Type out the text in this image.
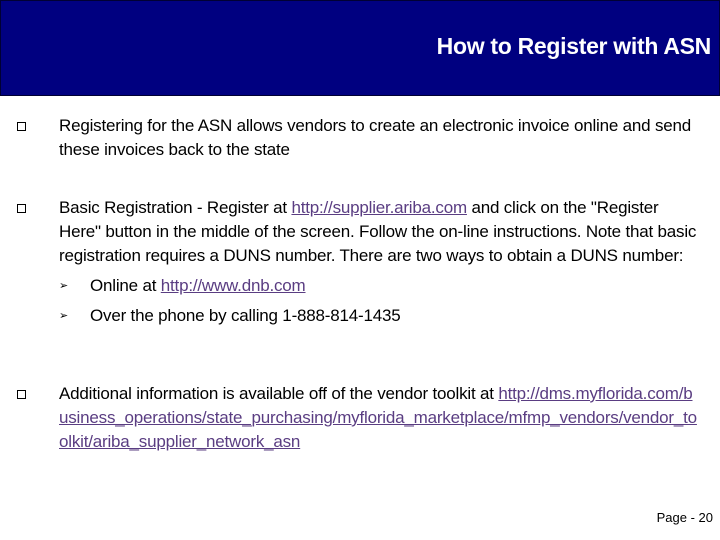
How to Register with ASN
Registering for the ASN allows vendors to create an electronic invoice online and send these invoices back to the state
Basic Registration - Register at http://supplier.ariba.com and click on the "Register Here" button in the middle of the screen. Follow the on-line instructions. Note that basic registration requires a DUNS number. There are two ways to obtain a DUNS number:
➢ Online at http://www.dnb.com
➢ Over the phone by calling 1-888-814-1435
Additional information is available off of the vendor toolkit at http://dms.myflorida.com/business_operations/state_purchasing/myflorida_marketplace/mfmp_vendors/vendor_toolkit/ariba_supplier_network_asn
Page - 20
